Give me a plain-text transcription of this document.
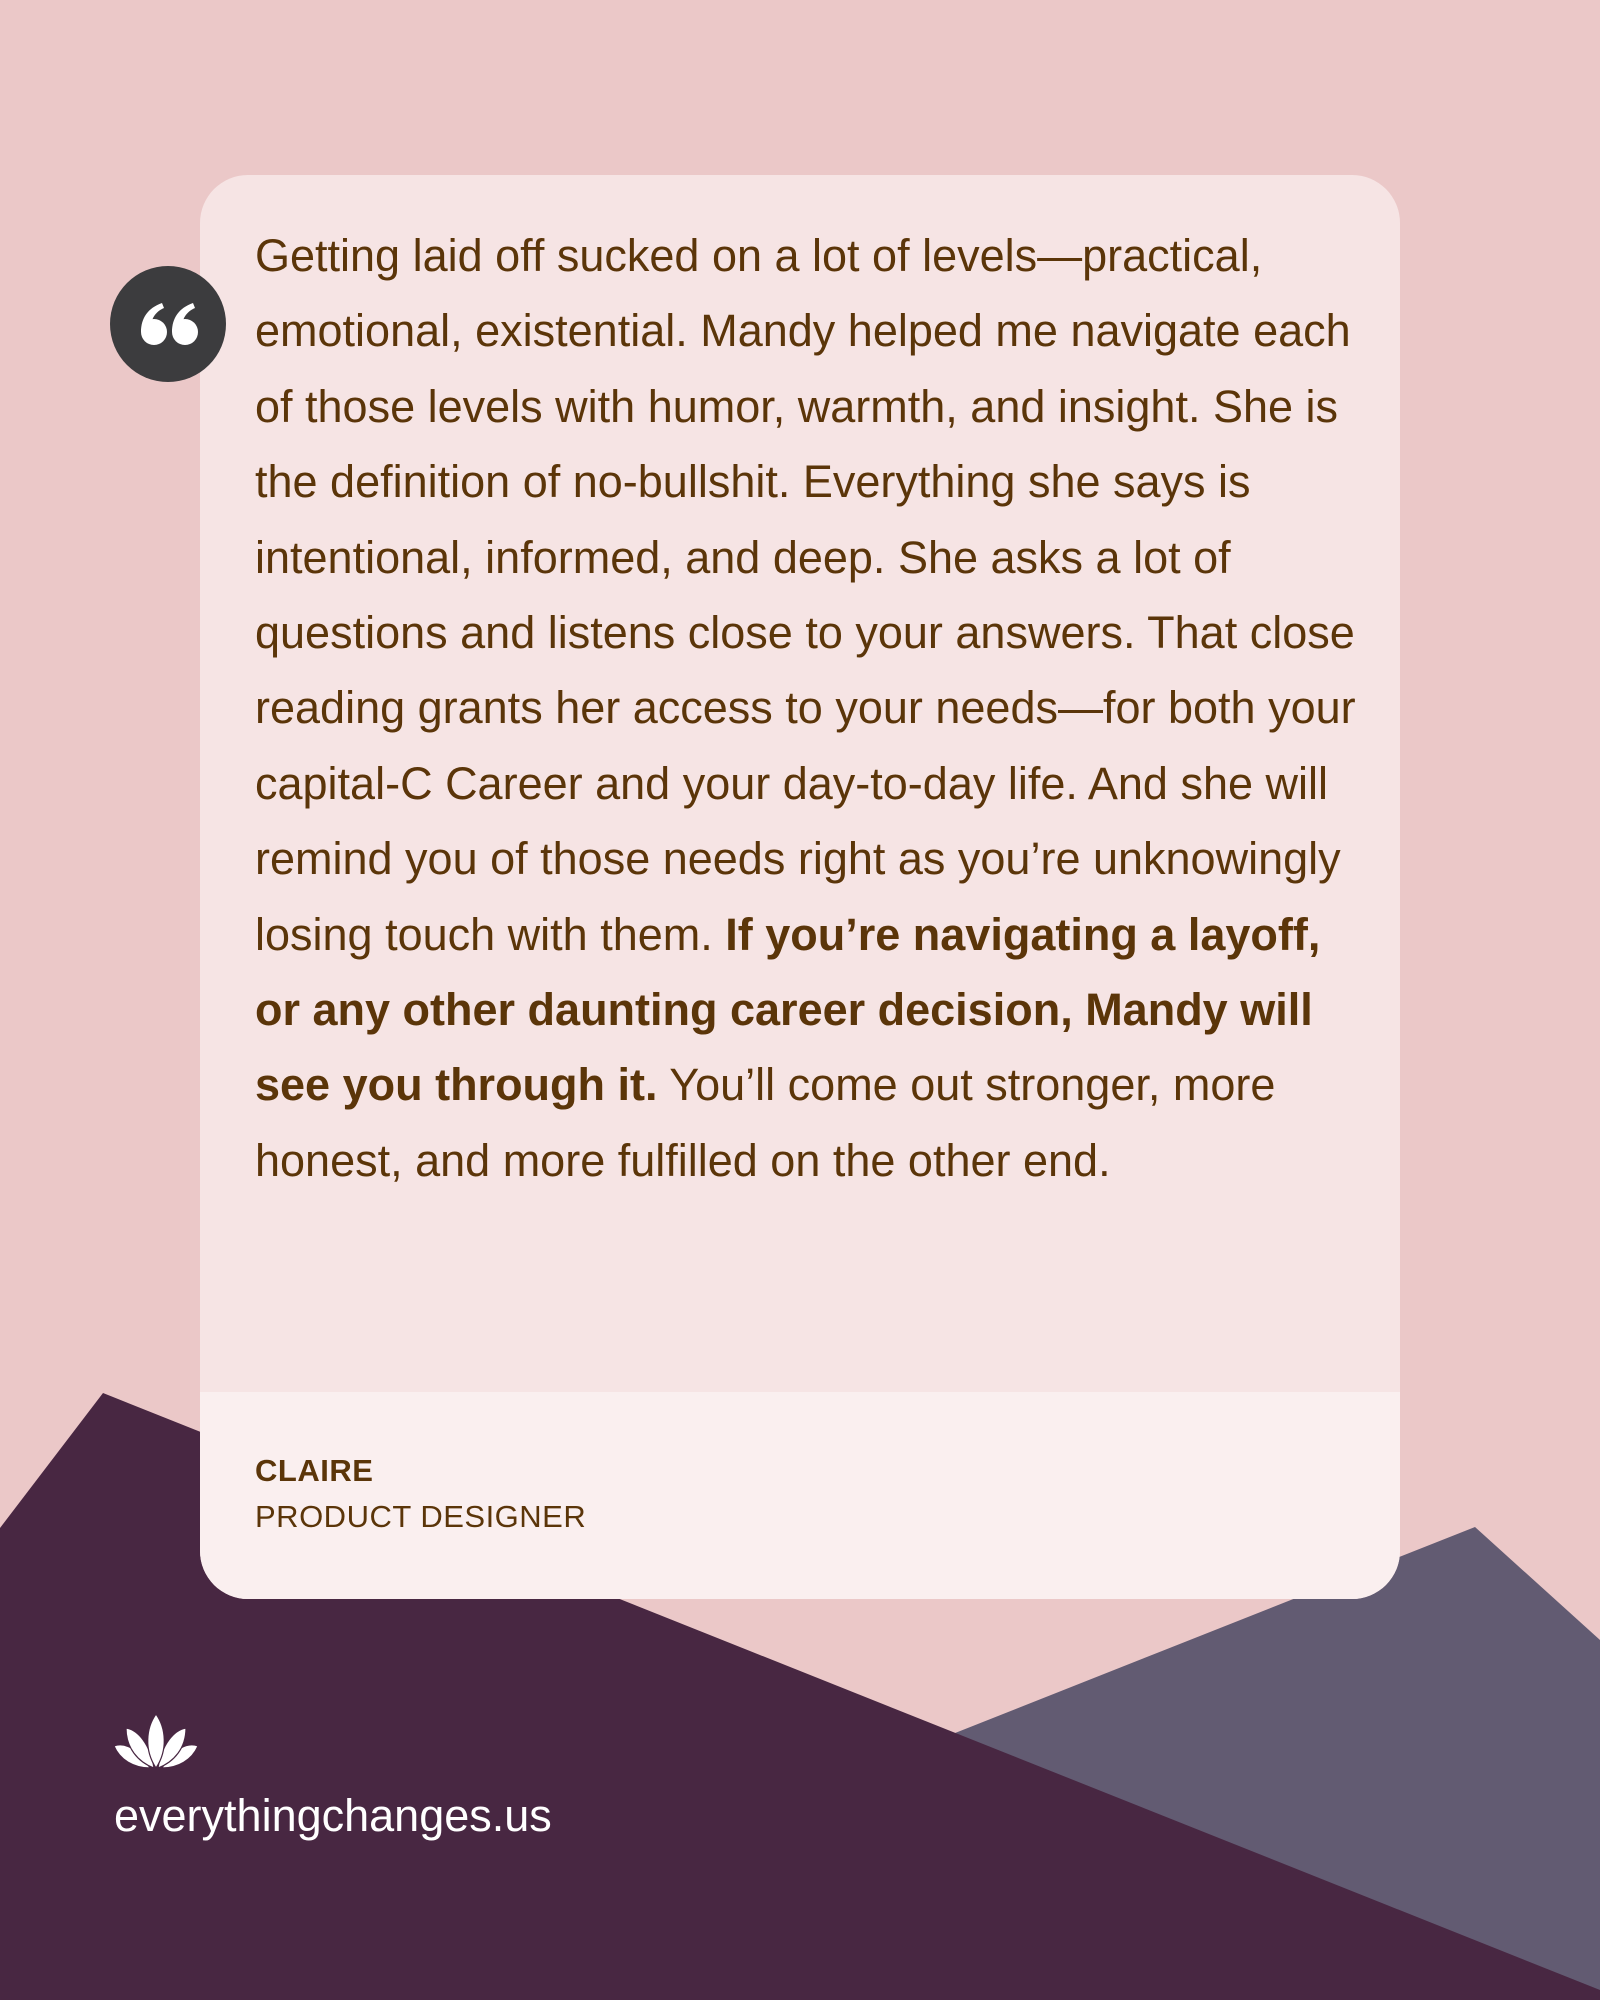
Getting laid off sucked on a lot of levels—practical, emotional, existential. Mandy helped me navigate each of those levels with humor, warmth, and insight. She is the definition of no-bullshit. Everything she says is intentional, informed, and deep. She asks a lot of questions and listens close to your answers. That close reading grants her access to your needs—for both your capital-C Career and your day-to-day life. And she will remind you of those needs right as you’re unknowingly losing touch with them. If you’re navigating a layoff, or any other daunting career decision, Mandy will see you through it. You’ll come out stronger, more honest, and more fulfilled on the other end.

CLAIRE
PRODUCT DESIGNER
everythingchanges.us
